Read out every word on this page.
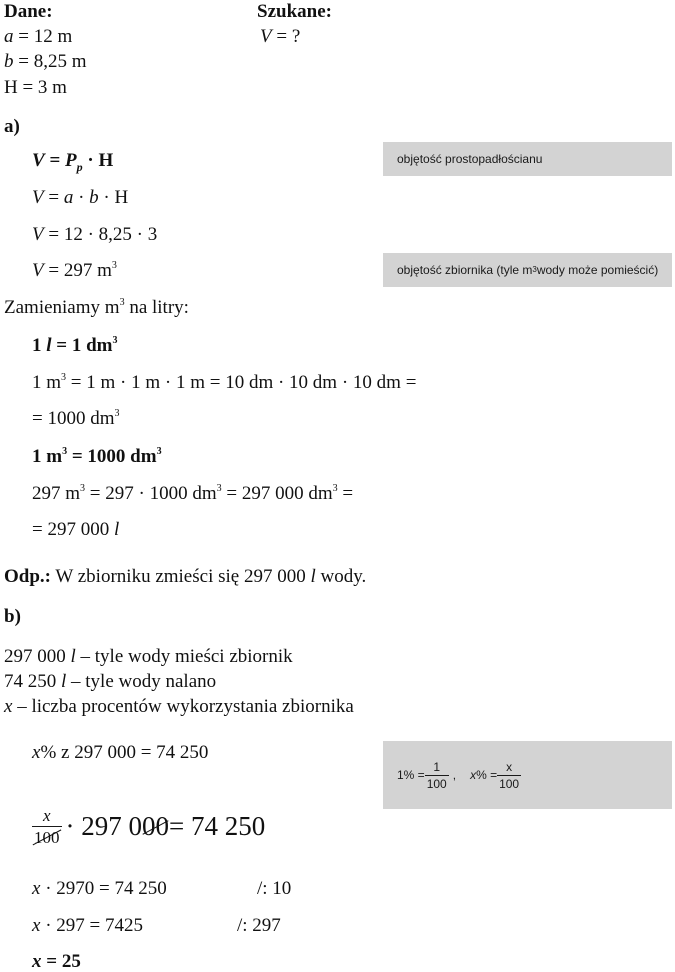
Dane:
a = 12 m
b = 8,25 m
H = 3 m
Szukane:
V = ?
a)
$V = P_p \cdot H$	objętość prostopadłościanu
V = a · b · H
V = 12 · 8,25 · 3
V = 297 $m^3$	objętość zbiornika (tyle m 3 wody może pomieścić)
Zamieniamy $m^3$ na litry:
1 l = 1 $dm^3$
1 $m^3 = 1$ m · 1 m · 1 m = 10 dm · 10 dm · 10 dm =
= 1000 $dm^3$
1 $m^3 = 1000$ $dm^3$
297 $m^3 = 297 \cdot 1000$ $dm^3 = 297$ 000 $dm^3$ =
= 297 000 l
Odp.: W zbiorniku zmieści się 297 000 l wody.
b)
297 000 l – tyle wody mieści zbiornik
74 250 l – tyle wody nalano
x – liczba procentów wykorzystania zbiornika
x% z 297 000 = 74 250
$1\% = \frac{1}{100}$ , x % = $\frac{x}{100}$
$\frac{x}{100} \cdot 297$ 0 00 = 74 250
x · 2970 = 74 250	/: 10
x · 297 = 7425	/: 297
x = 25
